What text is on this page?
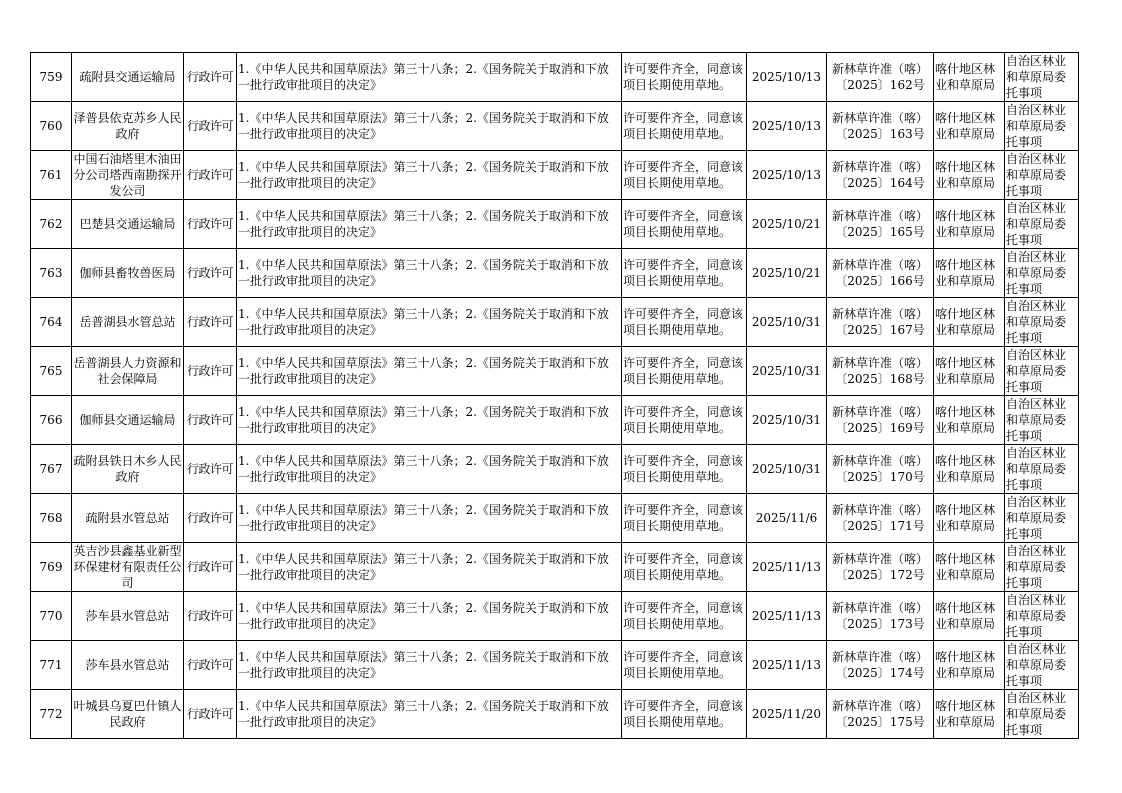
759	疏附县交通运输局	行政许可	1.《中华人民共和国草原法》第三十八条；2.《国务院关于取消和下放一批行政审批项目的决定》	许可要件齐全，同意该项目长期使用草地。	2025/10/13	新林草许准（喀）〔2025〕162号	喀什地区林业和草原局	自治区林业和草原局委托事项
760	泽普县依克苏乡人民政府	行政许可	1.《中华人民共和国草原法》第三十八条；2.《国务院关于取消和下放一批行政审批项目的决定》	许可要件齐全，同意该项目长期使用草地。	2025/10/13	新林草许准（喀）〔2025〕163号	喀什地区林业和草原局	自治区林业和草原局委托事项
761	中国石油塔里木油田分公司塔西南勘探开发公司	行政许可	1.《中华人民共和国草原法》第三十八条；2.《国务院关于取消和下放一批行政审批项目的决定》	许可要件齐全，同意该项目长期使用草地。	2025/10/13	新林草许准（喀）〔2025〕164号	喀什地区林业和草原局	自治区林业和草原局委托事项
762	巴楚县交通运输局	行政许可	1.《中华人民共和国草原法》第三十八条；2.《国务院关于取消和下放一批行政审批项目的决定》	许可要件齐全，同意该项目长期使用草地。	2025/10/21	新林草许准（喀）〔2025〕165号	喀什地区林业和草原局	自治区林业和草原局委托事项
763	伽师县畜牧兽医局	行政许可	1.《中华人民共和国草原法》第三十八条；2.《国务院关于取消和下放一批行政审批项目的决定》	许可要件齐全，同意该项目长期使用草地。	2025/10/21	新林草许准（喀）〔2025〕166号	喀什地区林业和草原局	自治区林业和草原局委托事项
764	岳普湖县水管总站	行政许可	1.《中华人民共和国草原法》第三十八条；2.《国务院关于取消和下放一批行政审批项目的决定》	许可要件齐全，同意该项目长期使用草地。	2025/10/31	新林草许准（喀）〔2025〕167号	喀什地区林业和草原局	自治区林业和草原局委托事项
765	岳普湖县人力资源和社会保障局	行政许可	1.《中华人民共和国草原法》第三十八条；2.《国务院关于取消和下放一批行政审批项目的决定》	许可要件齐全，同意该项目长期使用草地。	2025/10/31	新林草许准（喀）〔2025〕168号	喀什地区林业和草原局	自治区林业和草原局委托事项
766	伽师县交通运输局	行政许可	1.《中华人民共和国草原法》第三十八条；2.《国务院关于取消和下放一批行政审批项目的决定》	许可要件齐全，同意该项目长期使用草地。	2025/10/31	新林草许准（喀）〔2025〕169号	喀什地区林业和草原局	自治区林业和草原局委托事项
767	疏附县铁日木乡人民政府	行政许可	1.《中华人民共和国草原法》第三十八条；2.《国务院关于取消和下放一批行政审批项目的决定》	许可要件齐全，同意该项目长期使用草地。	2025/10/31	新林草许准（喀）〔2025〕170号	喀什地区林业和草原局	自治区林业和草原局委托事项
768	疏附县水管总站	行政许可	1.《中华人民共和国草原法》第三十八条；2.《国务院关于取消和下放一批行政审批项目的决定》	许可要件齐全，同意该项目长期使用草地。	2025/11/6	新林草许准（喀）〔2025〕171号	喀什地区林业和草原局	自治区林业和草原局委托事项
769	英吉沙县鑫基业新型环保建材有限责任公司	行政许可	1.《中华人民共和国草原法》第三十八条；2.《国务院关于取消和下放一批行政审批项目的决定》	许可要件齐全，同意该项目长期使用草地。	2025/11/13	新林草许准（喀）〔2025〕172号	喀什地区林业和草原局	自治区林业和草原局委托事项
770	莎车县水管总站	行政许可	1.《中华人民共和国草原法》第三十八条；2.《国务院关于取消和下放一批行政审批项目的决定》	许可要件齐全，同意该项目长期使用草地。	2025/11/13	新林草许准（喀）〔2025〕173号	喀什地区林业和草原局	自治区林业和草原局委托事项
771	莎车县水管总站	行政许可	1.《中华人民共和国草原法》第三十八条；2.《国务院关于取消和下放一批行政审批项目的决定》	许可要件齐全，同意该项目长期使用草地。	2025/11/13	新林草许准（喀）〔2025〕174号	喀什地区林业和草原局	自治区林业和草原局委托事项
772	叶城县乌夏巴什镇人民政府	行政许可	1.《中华人民共和国草原法》第三十八条；2.《国务院关于取消和下放一批行政审批项目的决定》	许可要件齐全，同意该项目长期使用草地。	2025/11/20	新林草许准（喀）〔2025〕175号	喀什地区林业和草原局	自治区林业和草原局委托事项
